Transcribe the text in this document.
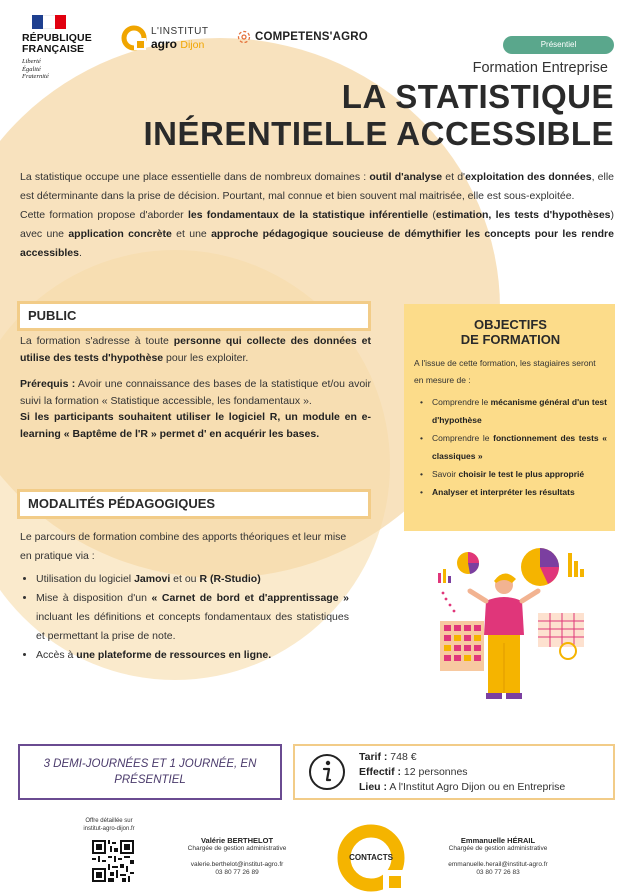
RÉPUBLIQUE
FRANÇAISE
Liberté
Égalité
Fraternité
L'INSTITUT
agro Dijon
COMPETENS'AGRO
Présentiel
Formation Entreprise
LA STATISTIQUE
INÉRENTIELLE ACCESSIBLE

La statistique occupe une place essentielle dans de nombreux domaines : outil d'analyse et d'exploitation des données, elle est déterminante dans la prise de décision. Pourtant, mal connue et bien souvent mal maitrisée, elle est sous-exploitée.

Cette formation propose d'aborder les fondamentaux de la statistique inférentielle (estimation, les tests d'hypothèses) avec une application concrète et une approche pédagogique soucieuse de démythifier les concepts pour les rendre accessibles.

PUBLIC

La formation s'adresse à toute personne qui collecte des données et utilise des tests d'hypothèse pour les exploiter.

Prérequis : Avoir une connaissance des bases de la statistique et/ou avoir suivi la formation « Statistique accessible, les fondamentaux ».

Si les participants souhaitent utiliser le logiciel R, un module en e-learning « Baptême de l'R » permet d' en acquérir les bases.

MODALITÉS PÉDAGOGIQUES

Le parcours de formation combine des apports théoriques et leur mise en pratique via :

• Utilisation du logiciel Jamovi et ou R (R-Studio)
• Mise à disposition d'un « Carnet de bord et d'apprentissage » incluant les définitions et concepts fondamentaux des statistiques et permettant la prise de note.
• Accès à une plateforme de ressources en ligne.
OBJECTIFS
DE FORMATION
A l'issue de cette formation, les stagiaires seront en mesure de :
• Comprendre le mécanisme général d'un test d'hypothèse
• Comprendre le fonctionnement des tests « classiques »
• Savoir choisir le test le plus approprié
• Analyser et interpréter les résultats
3 DEMI-JOURNÉES ET 1 JOURNÉE, EN PRÉSENTIEL
Tarif : 748 €
Effectif : 12 personnes
Lieu : A l'Institut Agro Dijon ou en Entreprise
Offre détaillée sur
institut-agro-dijon.fr
Valérie BERTHELOT
Chargée de gestion administrative
valerie.berthelot@institut-agro.fr
03 80 77 26 89
CONTACTS
Emmanuelle HÉRAIL
Chargée de gestion administrative
emmanuelle.herail@institut-agro.fr
03 80 77 26 83
